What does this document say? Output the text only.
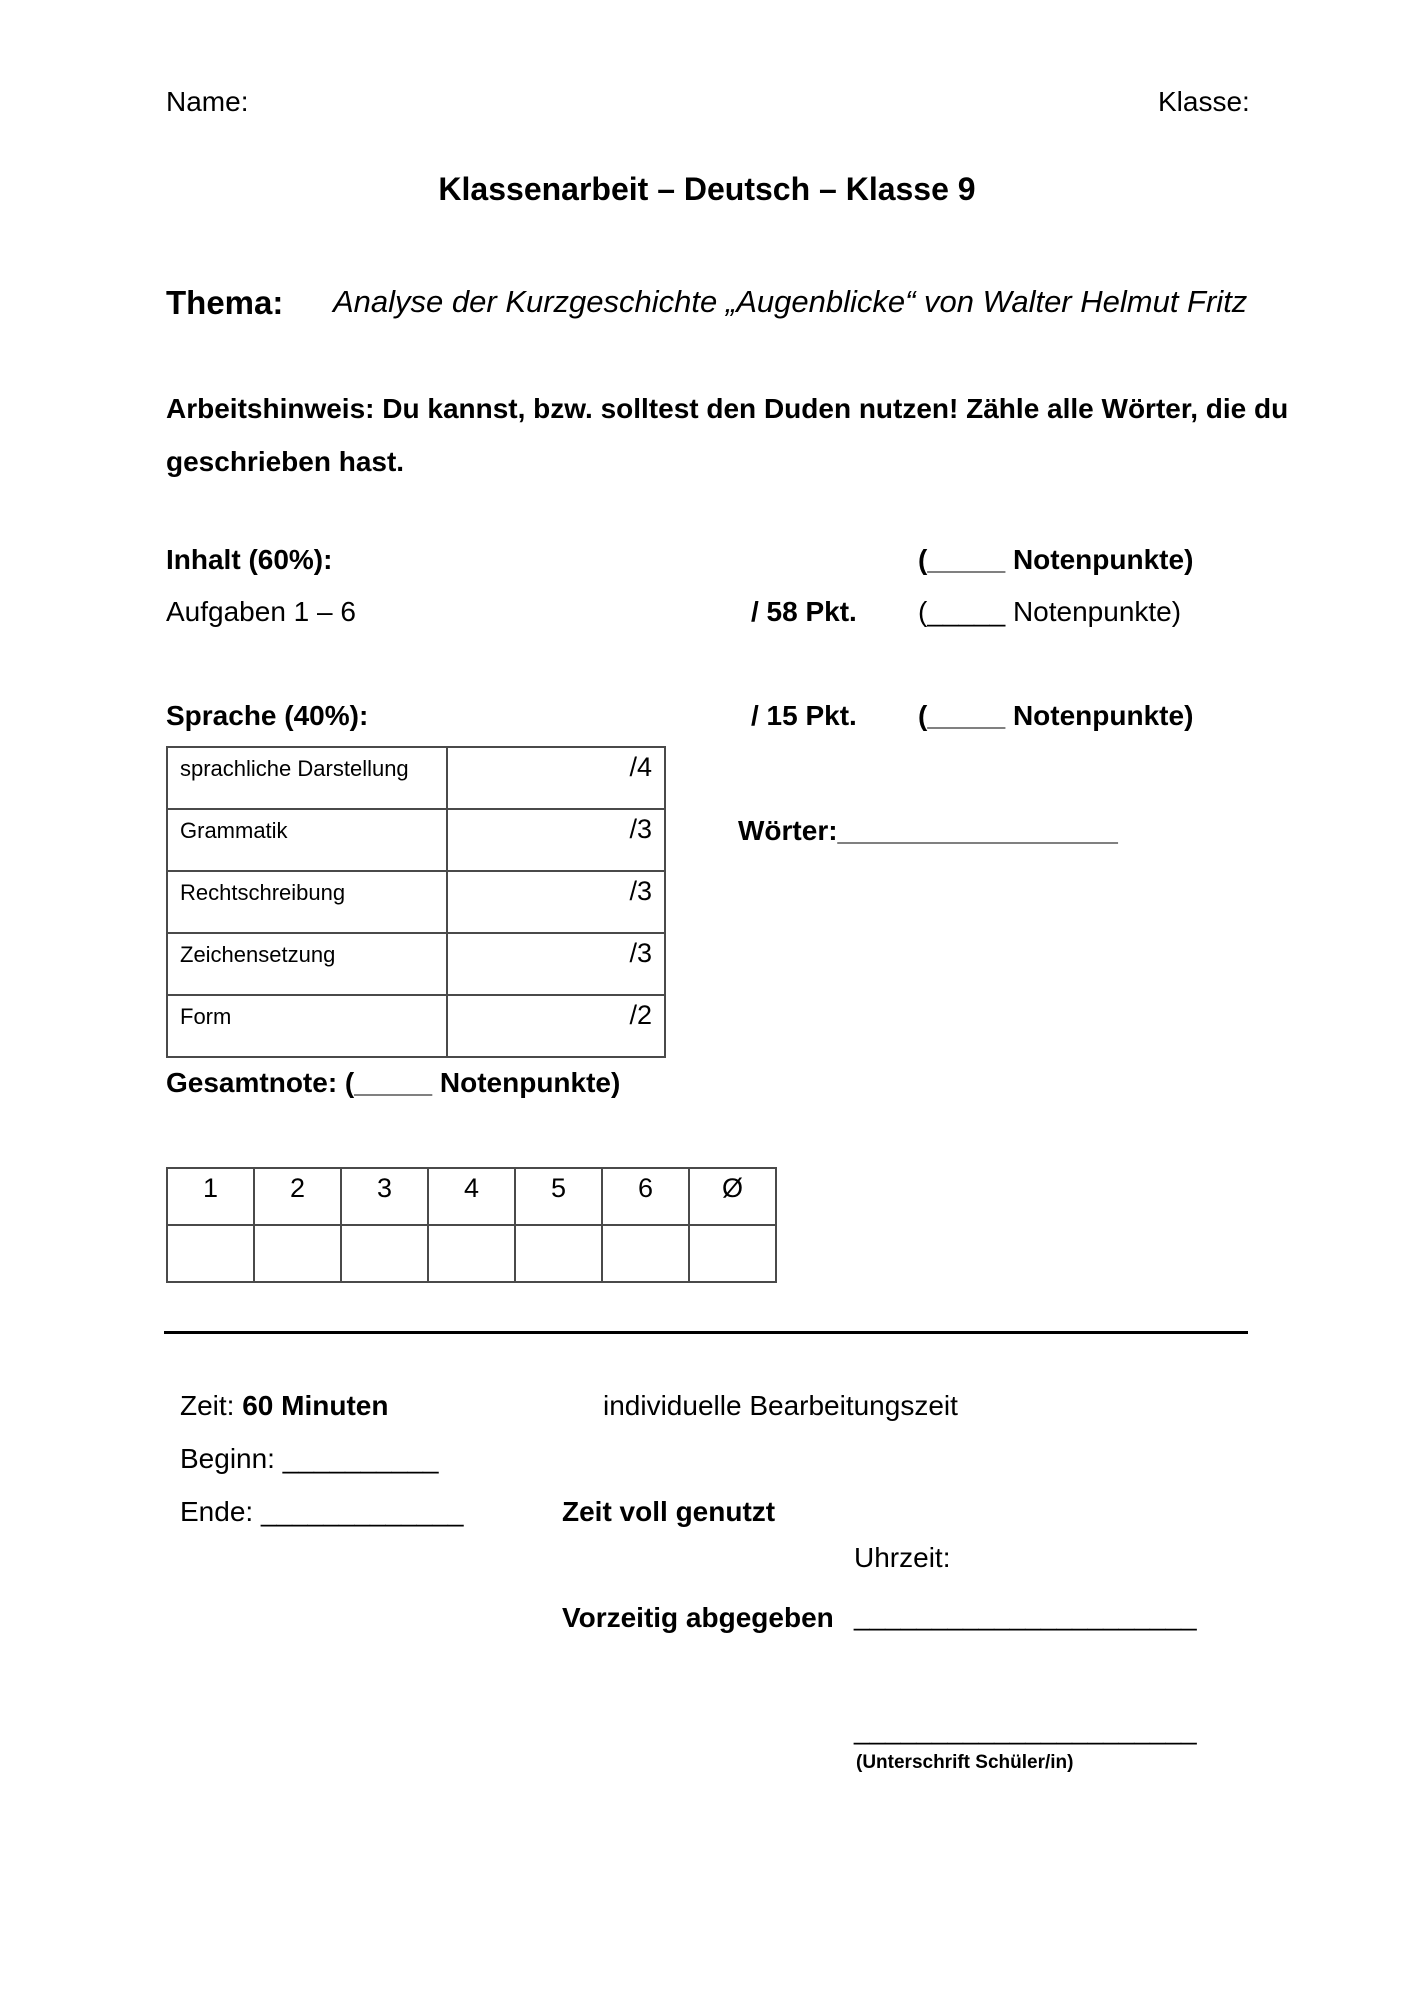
Name:	Klasse:
Klassenarbeit – Deutsch – Klasse 9
Thema: Analyse der Kurzgeschichte „Augenblicke“ von Walter Helmut Fritz
Arbeitshinweis: Du kannst, bzw. solltest den Duden nutzen! Zähle alle Wörter, die du
geschrieben hast.
Inhalt (60%):	(_____ Notenpunkte)
Aufgaben 1 – 6	/ 58 Pkt. (_____ Notenpunkte)
Sprache (40%):	/ 15 Pkt. (_____ Notenpunkte)
sprachliche Darstellung	/4
Grammatik	/3
Rechtschreibung	/3
Zeichensetzung	/3
Form	/2
Wörter:__________________
Gesamtnote: (_____ Notenpunkte)
1	2	3	4	5	6	Ø

Zeit: 60 Minuten	individuelle Bearbeitungszeit
Beginn: __________
Ende: _____________	Zeit voll genutzt
Uhrzeit:
Vorzeitig abgegeben ______________________
______________________
(Unterschrift Schüler/in)
